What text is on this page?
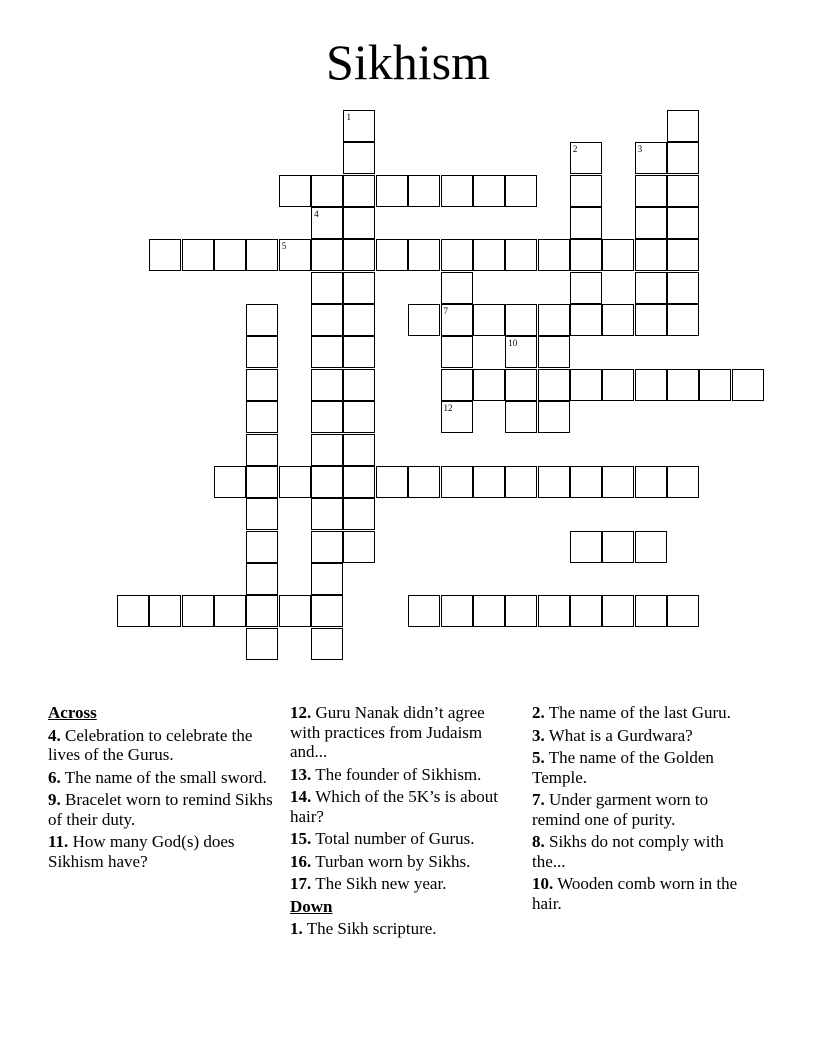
Sikhism
1
2	3
4
5
7
12
10
Across
4. Celebration to celebrate the lives of the Gurus.
6. The name of the small sword.
9. Bracelet worn to remind Sikhs of their duty.
11. How many God(s) does Sikhism have?
12. Guru Nanak didn’t agree with practices from Judaism and...
13. The founder of Sikhism.
14. Which of the 5K’s is about hair?
15. Total number of Gurus.
16. Turban worn by Sikhs.
17. The Sikh new year.
Down
1. The Sikh scripture.
2. The name of the last Guru.
3. What is a Gurdwara?
5. The name of the Golden Temple.
7. Under garment worn to remind one of purity.
8. Sikhs do not comply with the...
10. Wooden comb worn in the hair.
